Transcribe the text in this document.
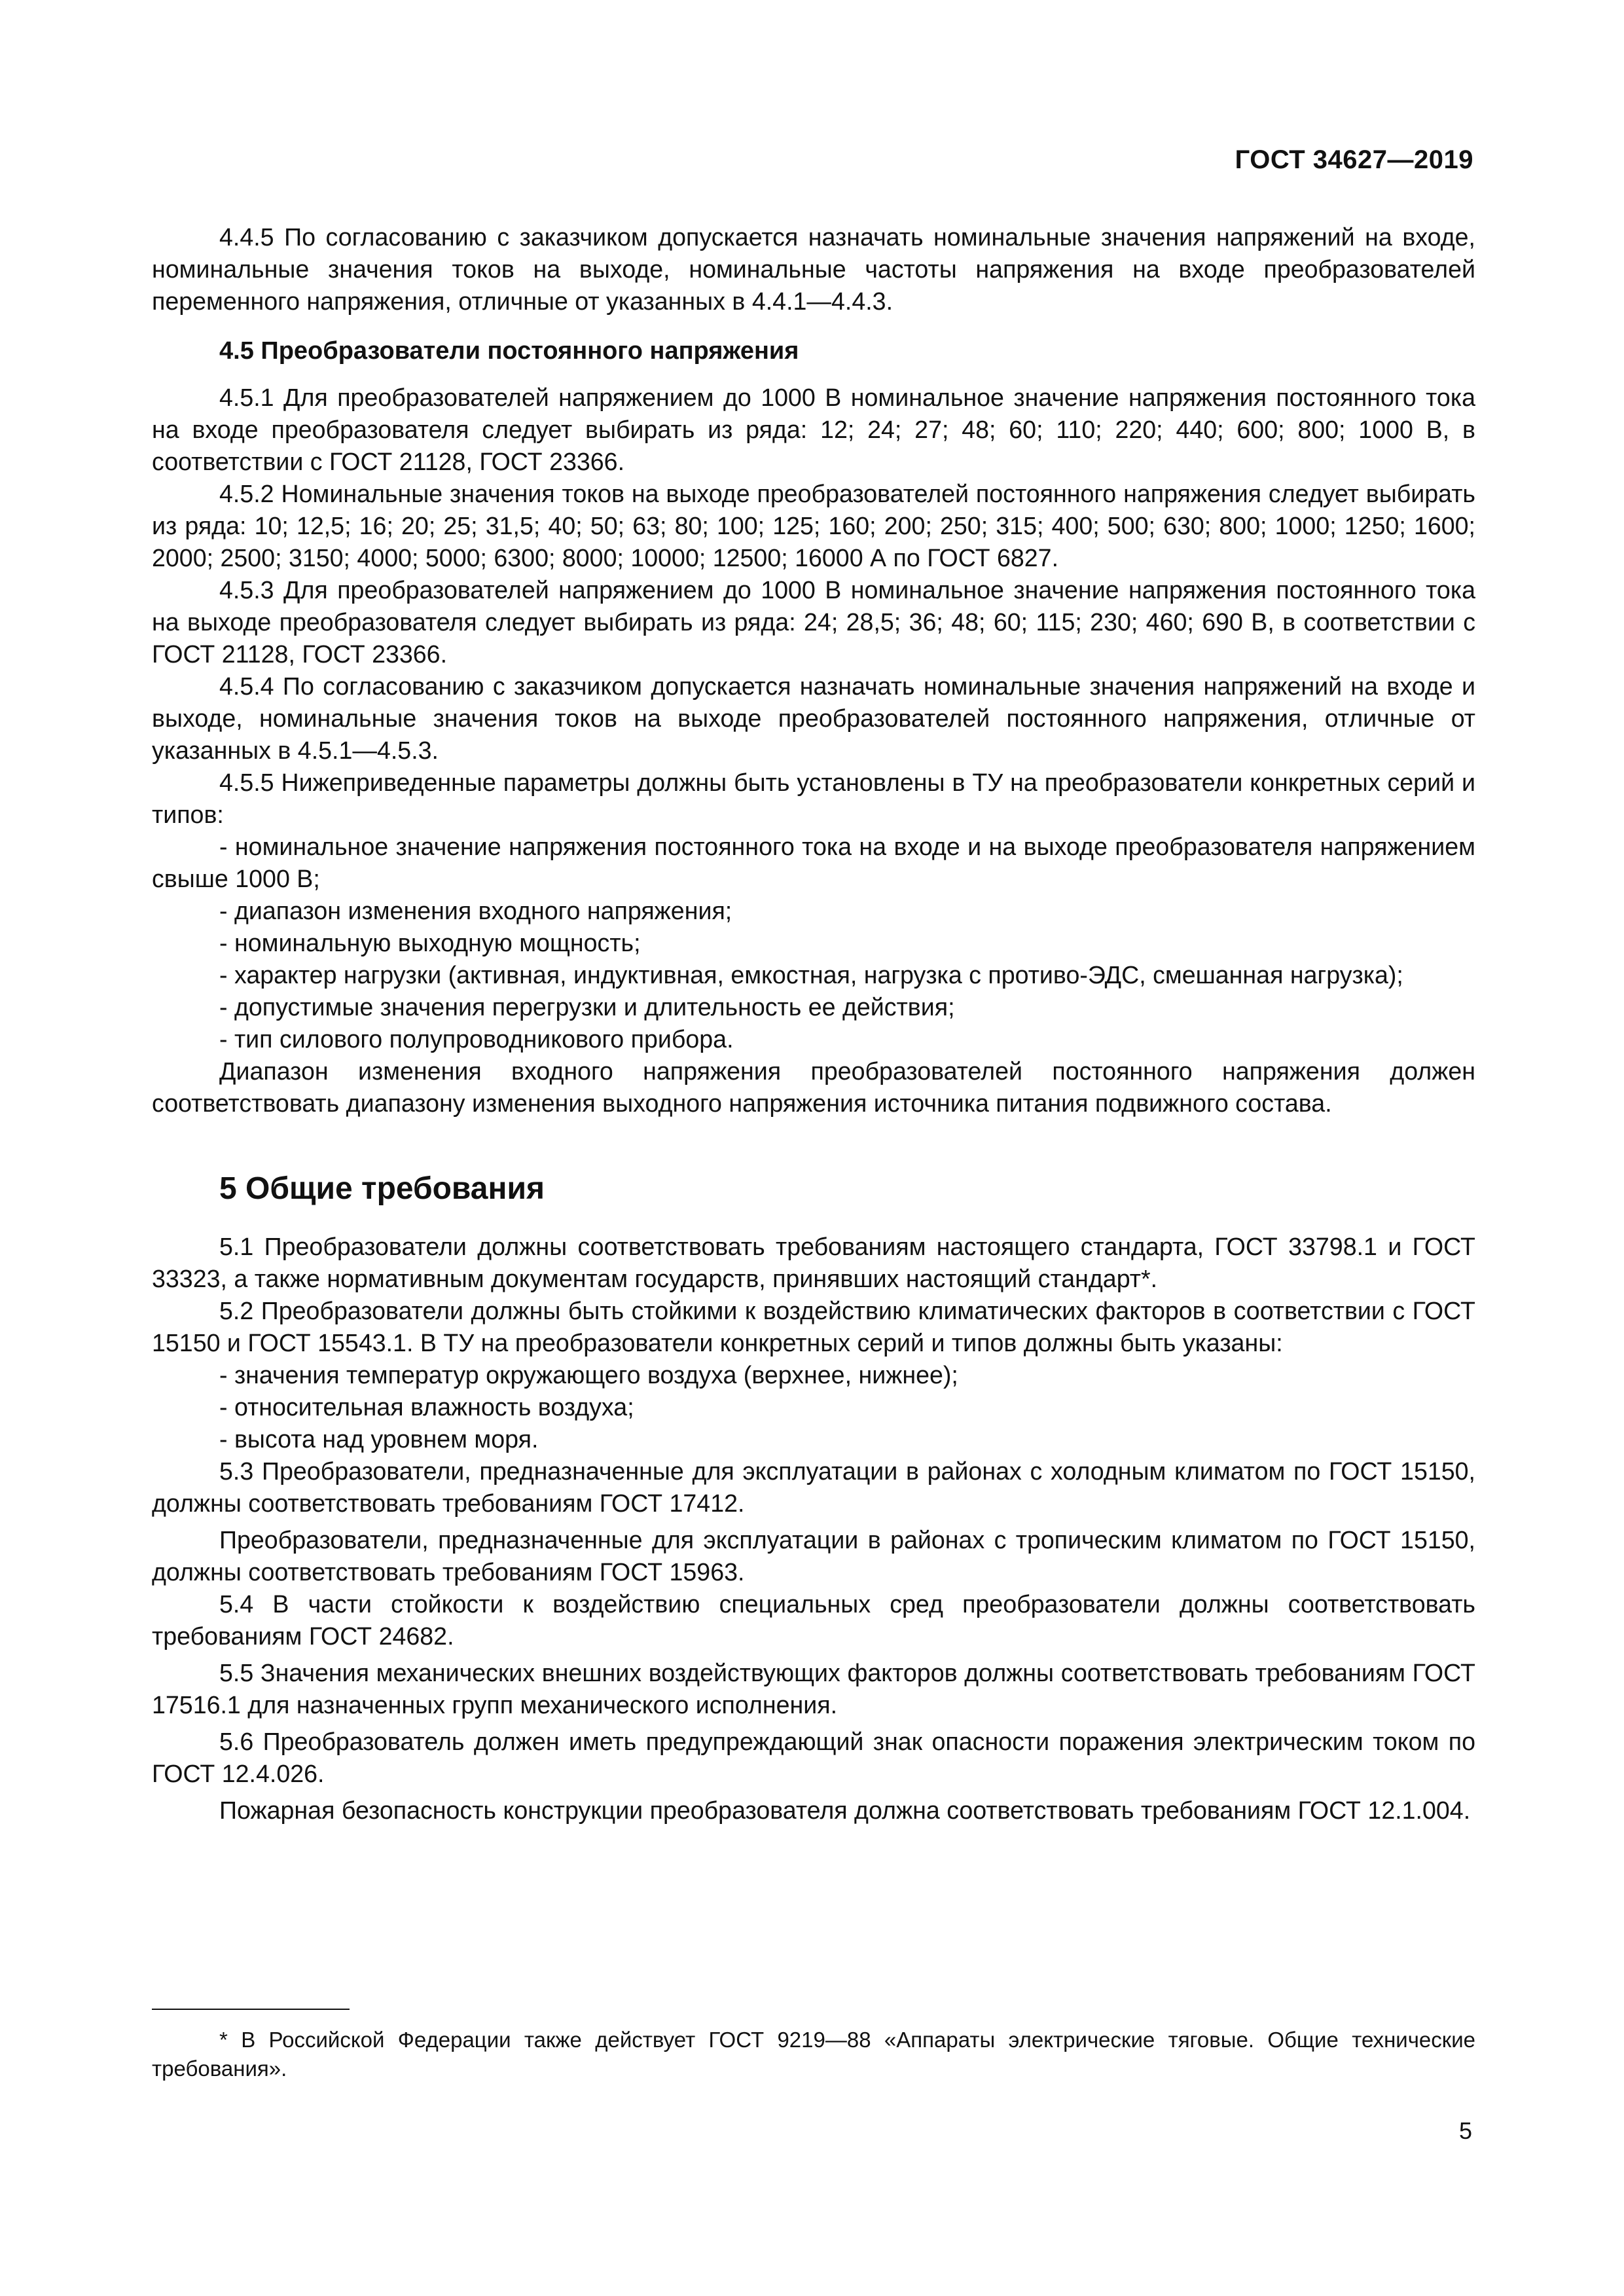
ГОСТ 34627—2019

4.4.5 По согласованию с заказчиком допускается назначать номинальные значения напряжений на входе, номинальные значения токов на выходе, номинальные частоты напряжения на входе преобразователей переменного напряжения, отличные от указанных в 4.4.1—4.4.3.

4.5 Преобразователи постоянного напряжения

4.5.1 Для преобразователей напряжением до 1000 В номинальное значение напряжения постоянного тока на входе преобразователя следует выбирать из ряда: 12; 24; 27; 48; 60; 110; 220; 440; 600; 800; 1000 В, в соответствии с ГОСТ 21128, ГОСТ 23366.

4.5.2 Номинальные значения токов на выходе преобразователей постоянного напряжения следует выбирать из ряда: 10; 12,5; 16; 20; 25; 31,5; 40; 50; 63; 80; 100; 125; 160; 200; 250; 315; 400; 500; 630; 800; 1000; 1250; 1600; 2000; 2500; 3150; 4000; 5000; 6300; 8000; 10000; 12500; 16000 А по ГОСТ 6827.

4.5.3 Для преобразователей напряжением до 1000 В номинальное значение напряжения постоянного тока на выходе преобразователя следует выбирать из ряда: 24; 28,5; 36; 48; 60; 115; 230; 460; 690 В, в соответствии с ГОСТ 21128, ГОСТ 23366.

4.5.4 По согласованию с заказчиком допускается назначать номинальные значения напряжений на входе и выходе, номинальные значения токов на выходе преобразователей постоянного напряжения, отличные от указанных в 4.5.1—4.5.3.

4.5.5 Нижеприведенные параметры должны быть установлены в ТУ на преобразователи конкретных серий и типов:

- номинальное значение напряжения постоянного тока на входе и на выходе преобразователя напряжением свыше 1000 В;

- диапазон изменения входного напряжения;

- номинальную выходную мощность;

- характер нагрузки (активная, индуктивная, емкостная, нагрузка с противо-ЭДС, смешанная нагрузка);

- допустимые значения перегрузки и длительность ее действия;

- тип силового полупроводникового прибора.

Диапазон изменения входного напряжения преобразователей постоянного напряжения должен соответствовать диапазону изменения выходного напряжения источника питания подвижного состава.

5 Общие требования

5.1 Преобразователи должны соответствовать требованиям настоящего стандарта, ГОСТ 33798.1 и ГОСТ 33323, а также нормативным документам государств, принявших настоящий стандарт*.

5.2 Преобразователи должны быть стойкими к воздействию климатических факторов в соответствии с ГОСТ 15150 и ГОСТ 15543.1. В ТУ на преобразователи конкретных серий и типов должны быть указаны:

- значения температур окружающего воздуха (верхнее, нижнее);

- относительная влажность воздуха;

- высота над уровнем моря.

5.3 Преобразователи, предназначенные для эксплуатации в районах с холодным климатом по ГОСТ 15150, должны соответствовать требованиям ГОСТ 17412.

Преобразователи, предназначенные для эксплуатации в районах с тропическим климатом по ГОСТ 15150, должны соответствовать требованиям ГОСТ 15963.

5.4 В части стойкости к воздействию специальных сред преобразователи должны соответствовать требованиям ГОСТ 24682.

5.5 Значения механических внешних воздействующих факторов должны соответствовать требованиям ГОСТ 17516.1 для назначенных групп механического исполнения.

5.6 Преобразователь должен иметь предупреждающий знак опасности поражения электрическим током по ГОСТ 12.4.026.

Пожарная безопасность конструкции преобразователя должна соответствовать требованиям ГОСТ 12.1.004.

* В Российской Федерации также действует ГОСТ 9219—88 «Аппараты электрические тяговые. Общие технические требования».
5
